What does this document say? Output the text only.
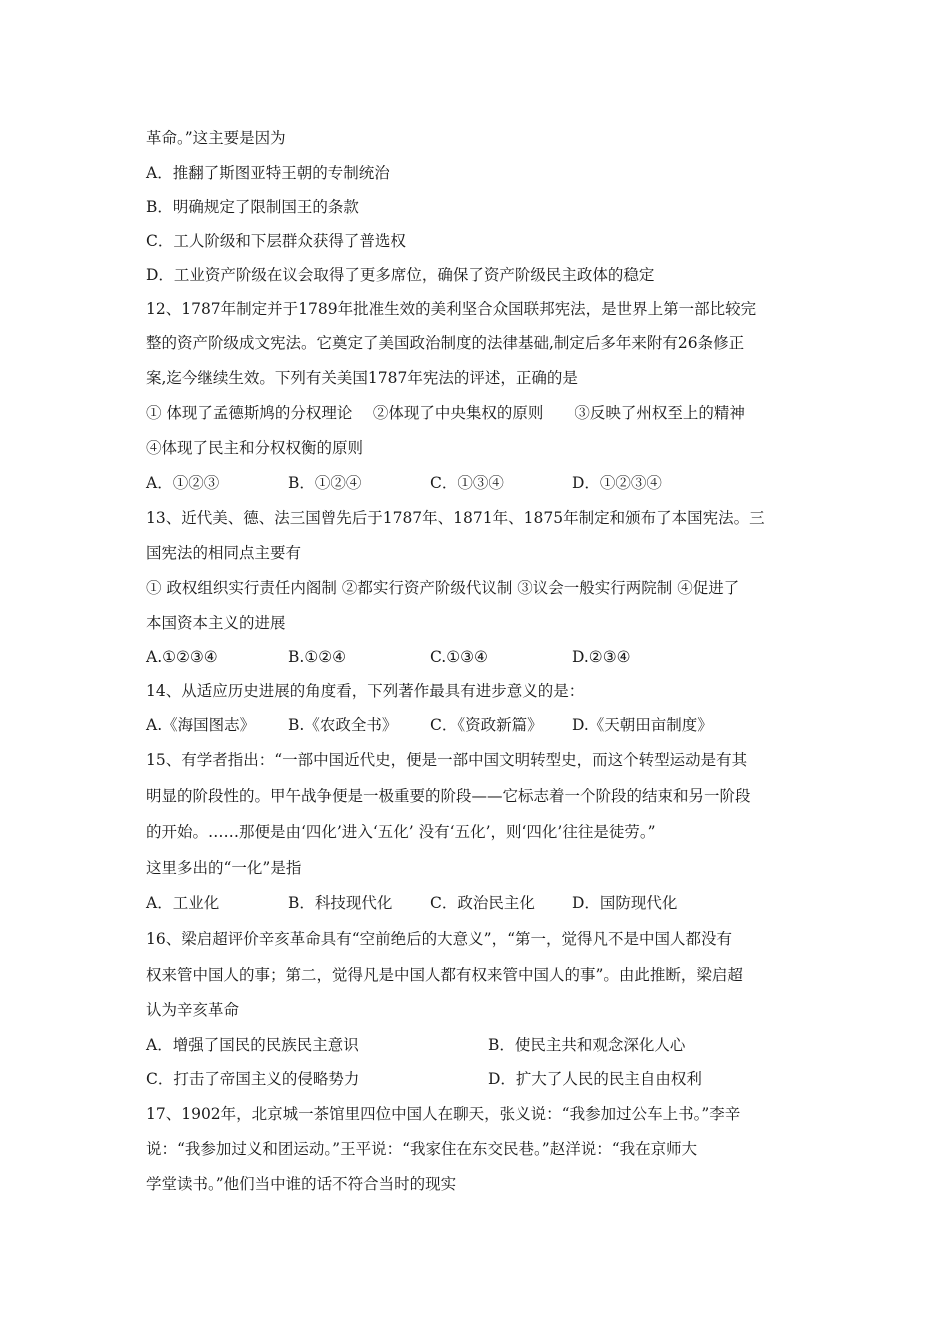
革命。”这主要是因为
A．推翻了斯图亚特王朝的专制统治
B．明确规定了限制国王的条款
C．工人阶级和下层群众获得了普选权
D．工业资产阶级在议会取得了更多席位，确保了资产阶级民主政体的稳定
12、1787年制定并于1789年批准生效的美利坚合众国联邦宪法，是世界上第一部比较完
整的资产阶级成文宪法。它奠定了美国政治制度的法律基础,制定后多年来附有26条修正
案,迄今继续生效。下列有关美国1787年宪法的评述，正确的是
① 体现了孟德斯鸠的分权理论　 ②体现了中央集权的原则　　③反映了州权至上的精神
④体现了民主和分权权衡的原则
A．①②③	B．①②④	C．①③④	D．①②③④
13、近代美、德、法三国曾先后于1787年、1871年、1875年制定和颁布了本国宪法。三
国宪法的相同点主要有
① 政权组织实行责任内阁制 ②都实行资产阶级代议制 ③议会一般实行两院制 ④促进了
本国资本主义的进展
A.①②③④	B.①②④	C.①③④	D.②③④
14、从适应历史进展的角度看，下列著作最具有进步意义的是：
A.《海国图志》 B.《农政全书》 C．《资政新篇》 D.《天朝田亩制度》
15、有学者指出：“一部中国近代史，便是一部中国文明转型史，而这个转型运动是有其
明显的阶段性的。甲午战争便是一极重要的阶段——它标志着一个阶段的结束和另一阶段
的开始。……那便是由‘四化’进入‘五化’ 没有‘五化’，则‘四化’往往是徒劳。”
这里多出的“一化”是指
A．工业化	B．科技现代化 C．政治民主化 D．国防现代化
16、梁启超评价辛亥革命具有“空前绝后的大意义”，“第一，觉得凡不是中国人都没有
权来管中国人的事；第二，觉得凡是中国人都有权来管中国人的事”。由此推断，梁启超
认为辛亥革命
A．增强了国民的民族民主意识	B．使民主共和观念深化人心
C．打击了帝国主义的侵略势力	D．扩大了人民的民主自由权利
17、1902年，北京城一茶馆里四位中国人在聊天，张义说：“我参加过公车上书。”李辛
说：“我参加过义和团运动。”王平说：“我家住在东交民巷。”赵洋说：“我在京师大
学堂读书。”他们当中谁的话不符合当时的现实
